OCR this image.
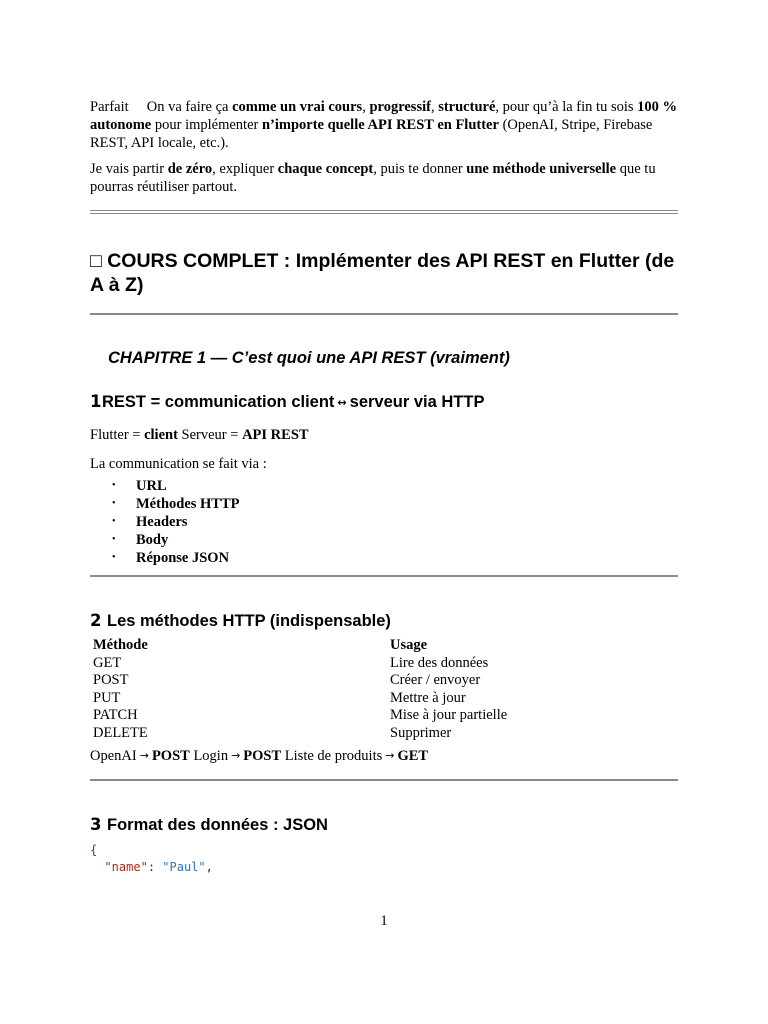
Parfait     On va faire ça comme un vrai cours, progressif, structuré, pour qu’à la fin tu sois 100 % autonome pour implémenter n’importe quelle API REST en Flutter (OpenAI, Stripe, Firebase REST, API locale, etc.).

Je vais partir de zéro, expliquer chaque concept, puis te donner une méthode universelle que tu pourras réutiliser partout.

□ COURS COMPLET : Implémenter des API REST en Flutter (de A à Z)
CHAPITRE 1 — C’est quoi une API REST (vraiment)
1REST = communication client ↔ serveur via HTTP

Flutter = client Serveur = API REST

La communication se fait via :

• URL
• Méthodes HTTP
• Headers
• Body
• Réponse JSON
2 Les méthodes HTTP (indispensable)
Méthode	Usage
GET	Lire des données
POST	Créer / envoyer
PUT	Mettre à jour
PATCH	Mise à jour partielle
DELETE	Supprimer

OpenAI → POST Login → POST Liste de produits → GET

3 Format des données : JSON
{
"name": "Paul",
1
